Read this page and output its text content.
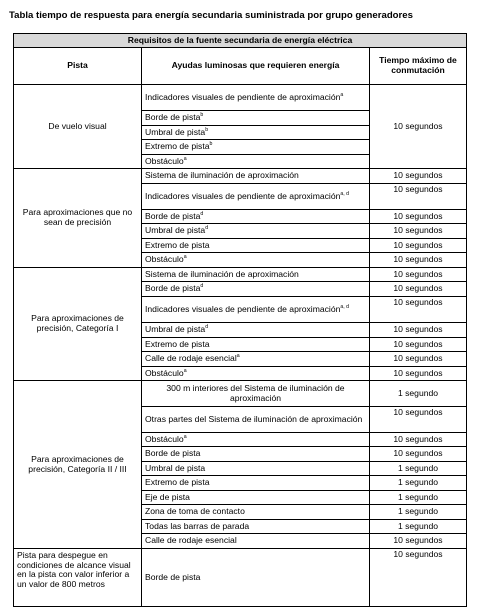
Tabla tiempo de respuesta para energía secundaria suministrada por grupo generadores
Requisitos de la fuente secundaria de energía eléctrica		
Pista	Ayudas luminosas que requieren energía	Tiempo máximo de conmutación
De vuelo visual	Indicadores visuales de pendiente de aproximación$^a$	10 segundos
	Borde de pista$^b$
	Umbral de pista$^b$
	Extremo de pista$^b$
	Obstáculo$^a$
Para aproximaciones que no sean de precisión	Sistema de iluminación de aproximación	10 segundos
	Indicadores visuales de pendiente de aproximación$^{a, d}$	10 segundos
	Borde de pista$^d$	10 segundos
	Umbral de pista$^d$	10 segundos
	Extremo de pista	10 segundos
	Obstáculo$^a$	10 segundos
Para aproximaciones de precisión, Categoría I	Sistema de iluminación de aproximación	10 segundos
	Borde de pista$^d$	10 segundos
	Indicadores visuales de pendiente de aproximación$^{a, d}$	10 segundos
	Umbral de pista$^d$	10 segundos
	Extremo de pista	10 segundos
	Calle de rodaje esencial$^a$	10 segundos
	Obstáculo$^a$	10 segundos
Para aproximaciones de precisión, Categoría II / III	300 m interiores del Sistema de iluminación de aproximación	1 segundo
	Otras partes del Sistema de iluminación de aproximación	10 segundos
	Obstáculo$^a$	10 segundos
	Borde de pista	10 segundos
	Umbral de pista	1 segundo
	Extremo de pista	1 segundo
	Eje de pista	1 segundo
	Zona de toma de contacto	1 segundo
	Todas las barras de parada	1 segundo
	Calle de rodaje esencial	10 segundos
Pista para despegue en condiciones de alcance visual en la pista con valor inferior a un valor de 800 metros	Borde de pista	10 segundos
